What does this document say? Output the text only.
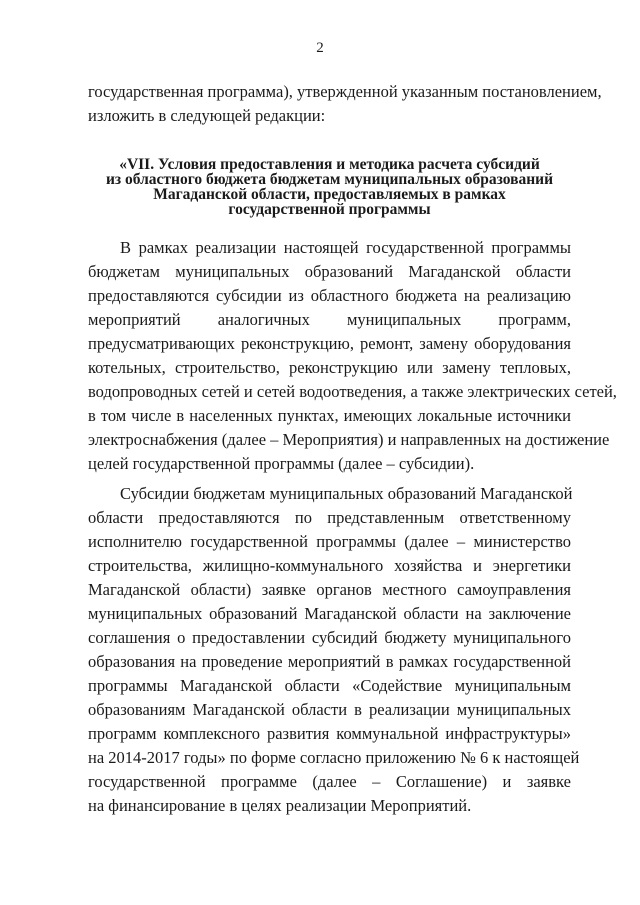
2
государственная программа), утвержденной указанным постановлением,
изложить в следующей редакции:
«VII. Условия предоставления и методика расчета субсидий
из областного бюджета бюджетам муниципальных образований
Магаданской области, предоставляемых в рамках
государственной программы
В рамках реализации настоящей государственной программы
бюджетам муниципальных образований Магаданской области
предоставляются субсидии из областного бюджета на реализацию
мероприятий аналогичных муниципальных программ,
предусматривающих реконструкцию, ремонт, замену оборудования
котельных, строительство, реконструкцию или замену тепловых,
водопроводных сетей и сетей водоотведения, а также электрических сетей,
в том числе в населенных пунктах, имеющих локальные источники
электроснабжения (далее – Мероприятия) и направленных на достижение
целей государственной программы (далее – субсидии).
Субсидии бюджетам муниципальных образований Магаданской
области предоставляются по представленным ответственному
исполнителю государственной программы (далее – министерство
строительства, жилищно-коммунального хозяйства и энергетики
Магаданской области) заявке органов местного самоуправления
муниципальных образований Магаданской области на заключение
соглашения о предоставлении субсидий бюджету муниципального
образования на проведение мероприятий в рамках государственной
программы Магаданской области «Содействие муниципальным
образованиям Магаданской области в реализации муниципальных
программ комплексного развития коммунальной инфраструктуры»
на 2014-2017 годы» по форме согласно приложению № 6 к настоящей
государственной программе (далее – Соглашение) и заявке
на финансирование в целях реализации Мероприятий.
